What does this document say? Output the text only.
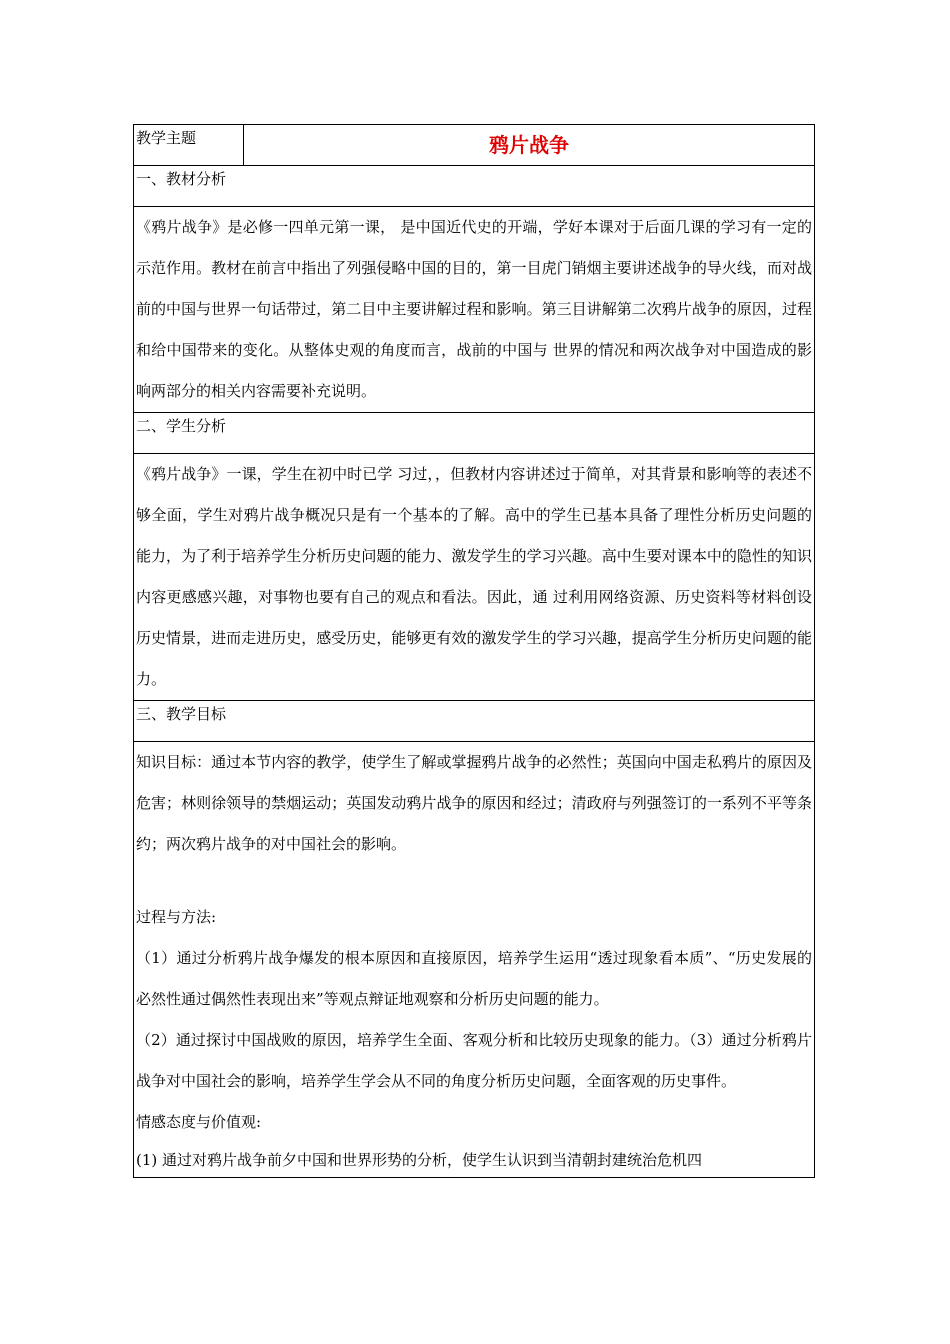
教学主题	鸦片战争
一、教材分析

《鸦片战争》是必修一四单元第一课， 是中国近代史的开端，学好本课对于后面几课的学习有一定的示范作用。教材在前言中指出了列强侵略中国的目的，第一目虎门销烟主要讲述战争的导火线，而对战 前的中国与世界一句话带过，第二目中主要讲解过程和影响。第三目讲解第二次鸦片战争的原因，过程和给中国带来的变化。从整体史观的角度而言，战前的中国与 世界的情况和两次战争对中国造成的影响两部分的相关内容需要补充说明。

二、学生分析

《鸦片战争》一课，学生在初中时已学 习过，，但教材内容讲述过于简单，对其背景和影响等的表述不够全面，学生对鸦片战争概况只是有一个基本的了解。高中的学生已基本具备了理性分析历史问题的 能力，为了利于培养学生分析历史问题的能力、激发学生的学习兴趣。高中生要对课本中的隐性的知识内容更感感兴趣，对事物也要有自己的观点和看法。因此，通 过利用网络资源、历史资料等材料创设历史情景，进而走进历史，感受历史，能够更有效的激发学生的学习兴趣，提高学生分析历史问题的能力。

三、教学目标

知识目标：通过本节内容的教学，使学生了解或掌握鸦片战争的必然性；英国向中国走私鸦片的原因及危害；林则徐领导的禁烟运动；英国发动鸦片战争的原因和经过；清政府与列强签订的一系列不平等条约；两次鸦片战争的对中国社会的影响。

过程与方法:

（1）通过分析鸦片战争爆发的根本原因和直接原因，培养学生运用“透过现象看本质”、“历史发展的必然性通过偶然性表现出来”等观点辩证地观察和分析历史问题的能力。

（2）通过探讨中国战败的原因，培养学生全面、客观分析和比较历史现象的能力。（3）通过分析鸦片战争对中国社会的影响，培养学生学会从不同的角度分析历史问题，全面客观的历史事件。

情感态度与价值观:

(1) 通过对鸦片战争前夕中国和世界形势的分析，使学生认识到当清朝封建统治危机四
